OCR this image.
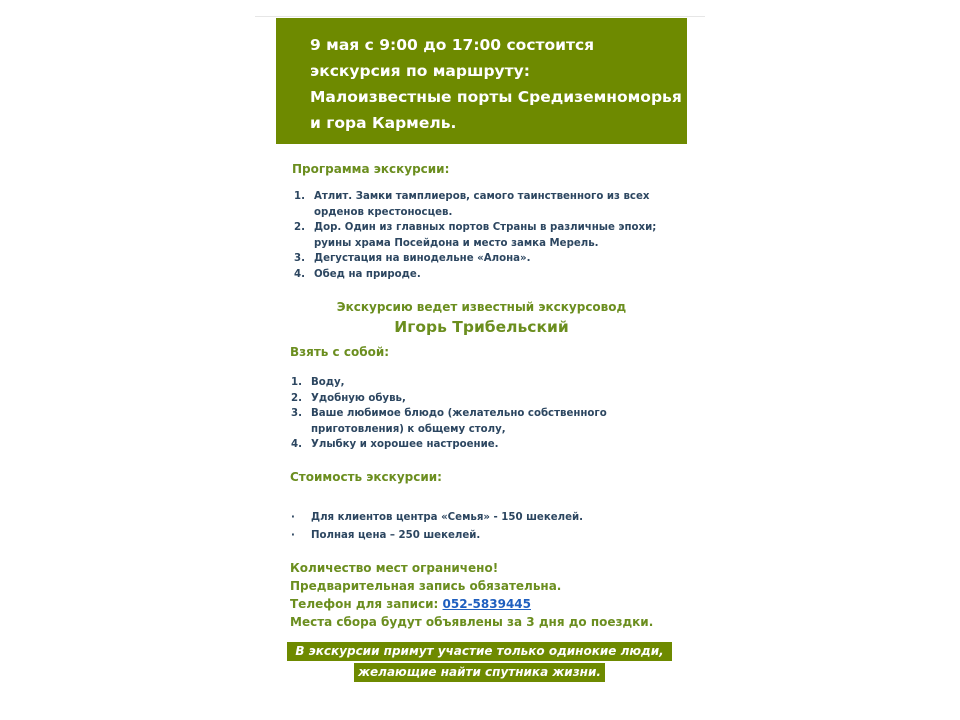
9 мая с 9:00 до 17:00 состоится
экскурсия по маршруту:
Малоизвестные порты Средиземноморья
и гора Кармель.
Программа экскурсии:
1. Атлит. Замки тамплиеров, самого таинственного из всех
орденов крестоносцев.
2. Дор. Один из главных портов Страны в различные эпохи;
руины храма Посейдона и место замка Мерель.
3. Дегустация на винодельне «Алона».
4. Обед на природе.
Экскурсию ведет известный экскурсовод
Игорь Трибельский
Взять с собой:
1. Воду,
2. Удобную обувь,
3. Ваше любимое блюдо (желательно собственного
приготовления) к общему столу,
4. Улыбку и хорошее настроение.
Стоимость экскурсии:
· Для клиентов центра «Семья» - 150 шекелей.
· Полная цена – 250 шекелей.
Количество мест ограничено!
Предварительная запись обязательна.
Телефон для записи: 052-5839445
Места сбора будут объявлены за 3 дня до поездки.
В экскурсии примут участие только одинокие люди,
желающие найти спутника жизни.
